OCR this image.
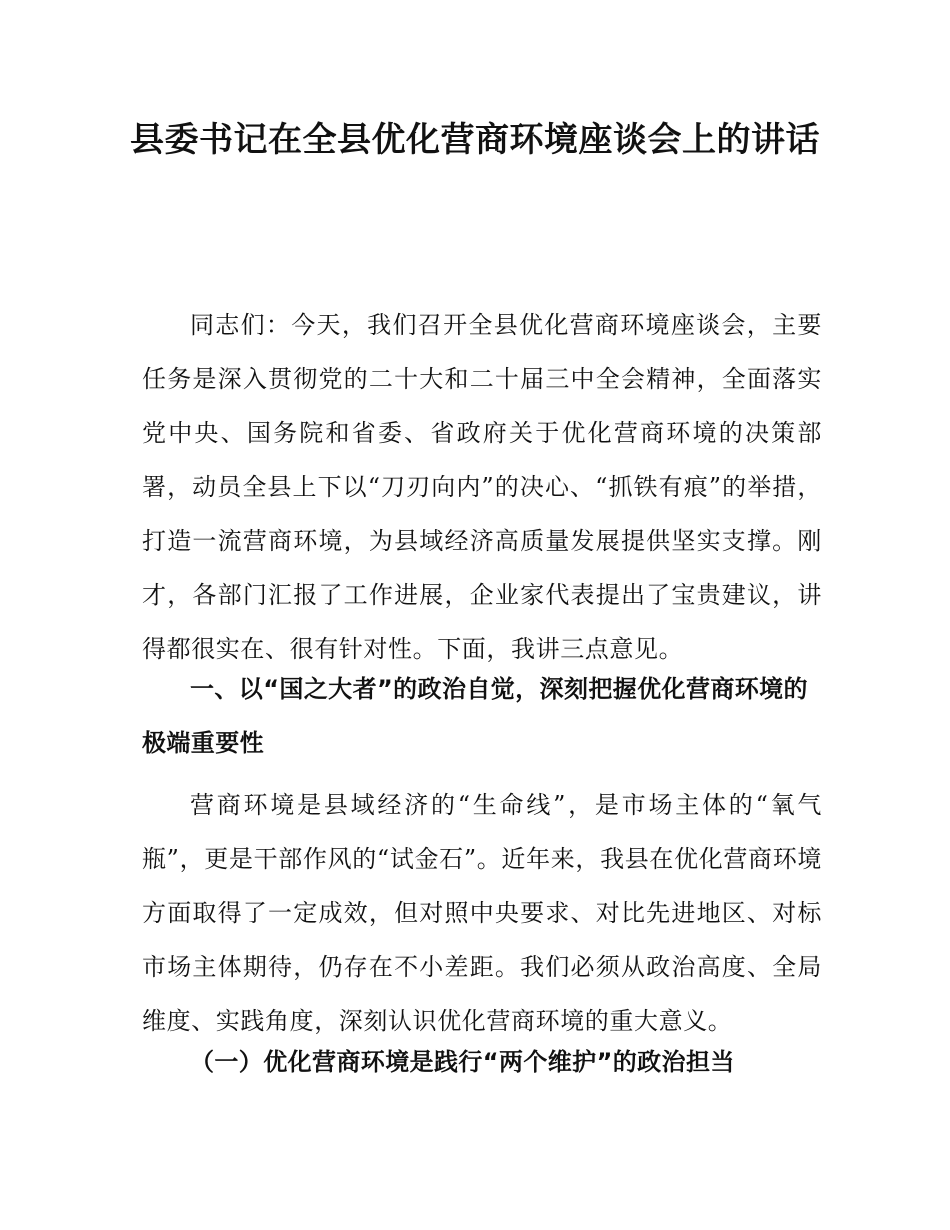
县委书记在全县优化营商环境座谈会上的讲话

同志们：今天，我们召开全县优化营商环境座谈会，主要任务是深入贯彻党的二十大和二十届三中全会精神，全面落实党中央、国务院和省委、省政府关于优化营商环境的决策部署，动员全县上下以“刀刃向内”的决心、“抓铁有痕”的举措，打造一流营商环境，为县域经济高质量发展提供坚实支撑。刚才，各部门汇报了工作进展，企业家代表提出了宝贵建议，讲得都很实在、很有针对性。下面，我讲三点意见。

一、以“国之大者”的政治自觉，深刻把握优化营商环境的极端重要性

营商环境是县域经济的“生命线”，是市场主体的“氧气瓶”，更是干部作风的“试金石”。近年来，我县在优化营商环境方面取得了一定成效，但对照中央要求、对比先进地区、对标市场主体期待，仍存在不小差距。我们必须从政治高度、全局维度、实践角度，深刻认识优化营商环境的重大意义。

（一）优化营商环境是践行“两个维护”的政治担当
